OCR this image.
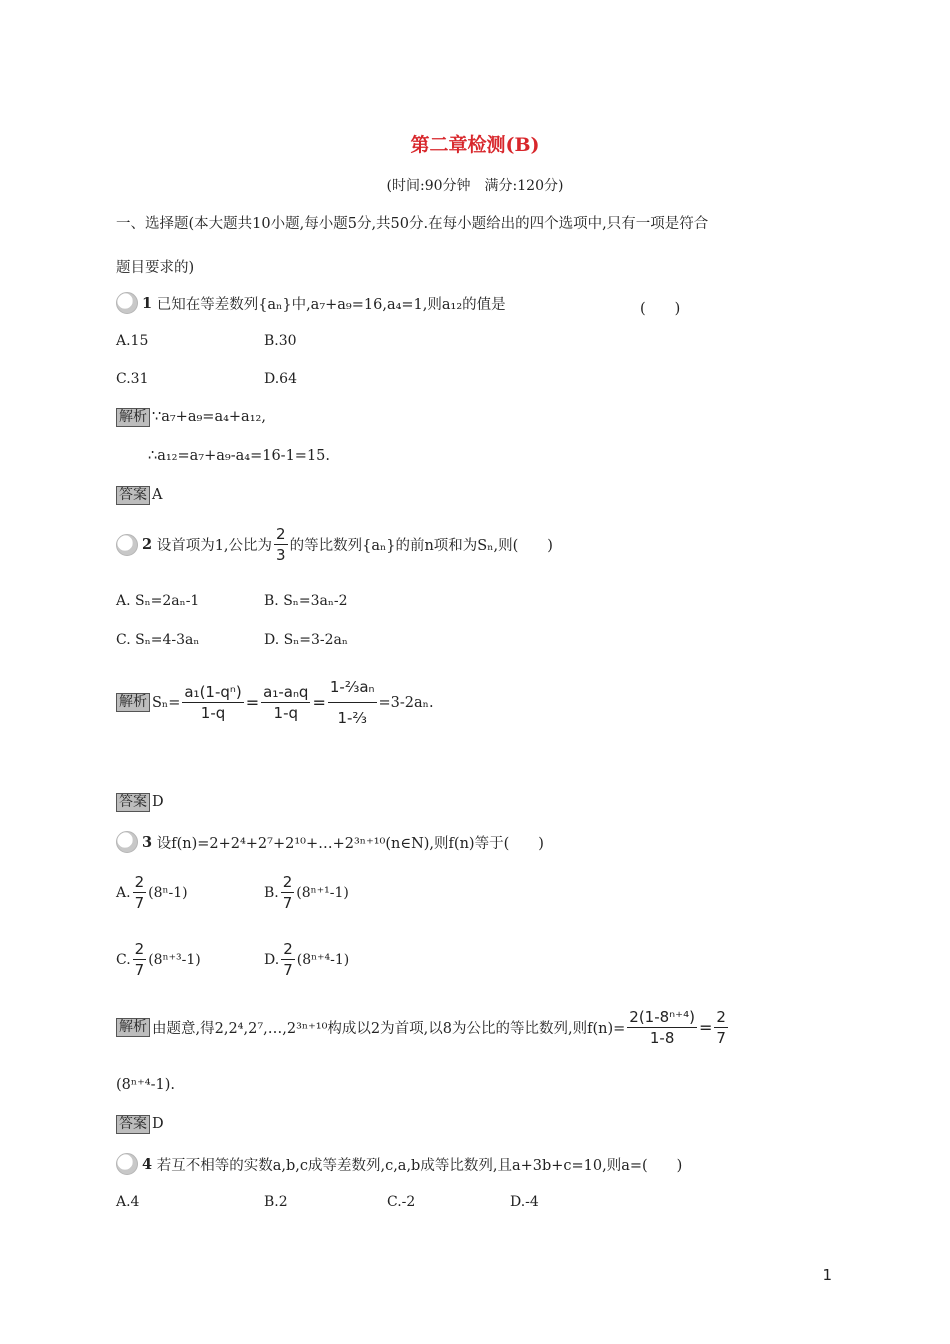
第二章检测(B)
(时间:90分钟　满分:120分)
一、选择题(本大题共10小题,每小题5分,共50分.在每小题给出的四个选项中,只有一项是符合
题目要求的)
1
已知在等差数列{aₙ}中,a₇+a₉=16,a₄=1,则a₁₂的值是	(　　)
A.15	B.30
C.31	D.64
解析 ∵a₇+a₉=a₄+a₁₂,
∴a₁₂=a₇+a₉-a₄=16-1=15.
答案 A
2
设首项为1,公比为 $\frac{2}{3}$ 的等比数列{aₙ}的前n项和为Sₙ,则(　　)
A. Sₙ=2aₙ-1	B. Sₙ=3aₙ-2
C. Sₙ=4-3aₙ	D. Sₙ=3-2aₙ
解析 $S_n= \frac{\text{a₁(1-qⁿ)}}{1-q} = \frac{\text{a₁-aₙq}}{1-q} = \frac{\text{1-⅔aₙ}}{\text{1-⅔}} =3-2a_n$.
答案 D
3
设f(n)=2+2⁴+2⁷+2¹⁰+…+2³ⁿ⁺¹⁰(n∈N),则f(n)等于(　　)
A. $\frac{2}{7} (8^n-1)$	B. $\frac{2}{7} (8^{n+1}-1)$
C. $\frac{2}{7} (8^{n+3}-1)$	D. $\frac{2}{7} (8^{n+4}-1)$
解析 由题意,得2,2⁴,2⁷,…,2³ⁿ⁺¹⁰构成以2为首项,以8为公比的等比数列,则$f(n)= \frac{\text{2(1-8ⁿ⁺⁴)}}{1-8} = \frac{2}{7}$
(8ⁿ⁺⁴-1).
答案 D
4
若互不相等的实数a,b,c成等差数列,c,a,b成等比数列,且a+3b+c=10,则a=(　　)
A.4	B.2	C.-2	D.-4
1
